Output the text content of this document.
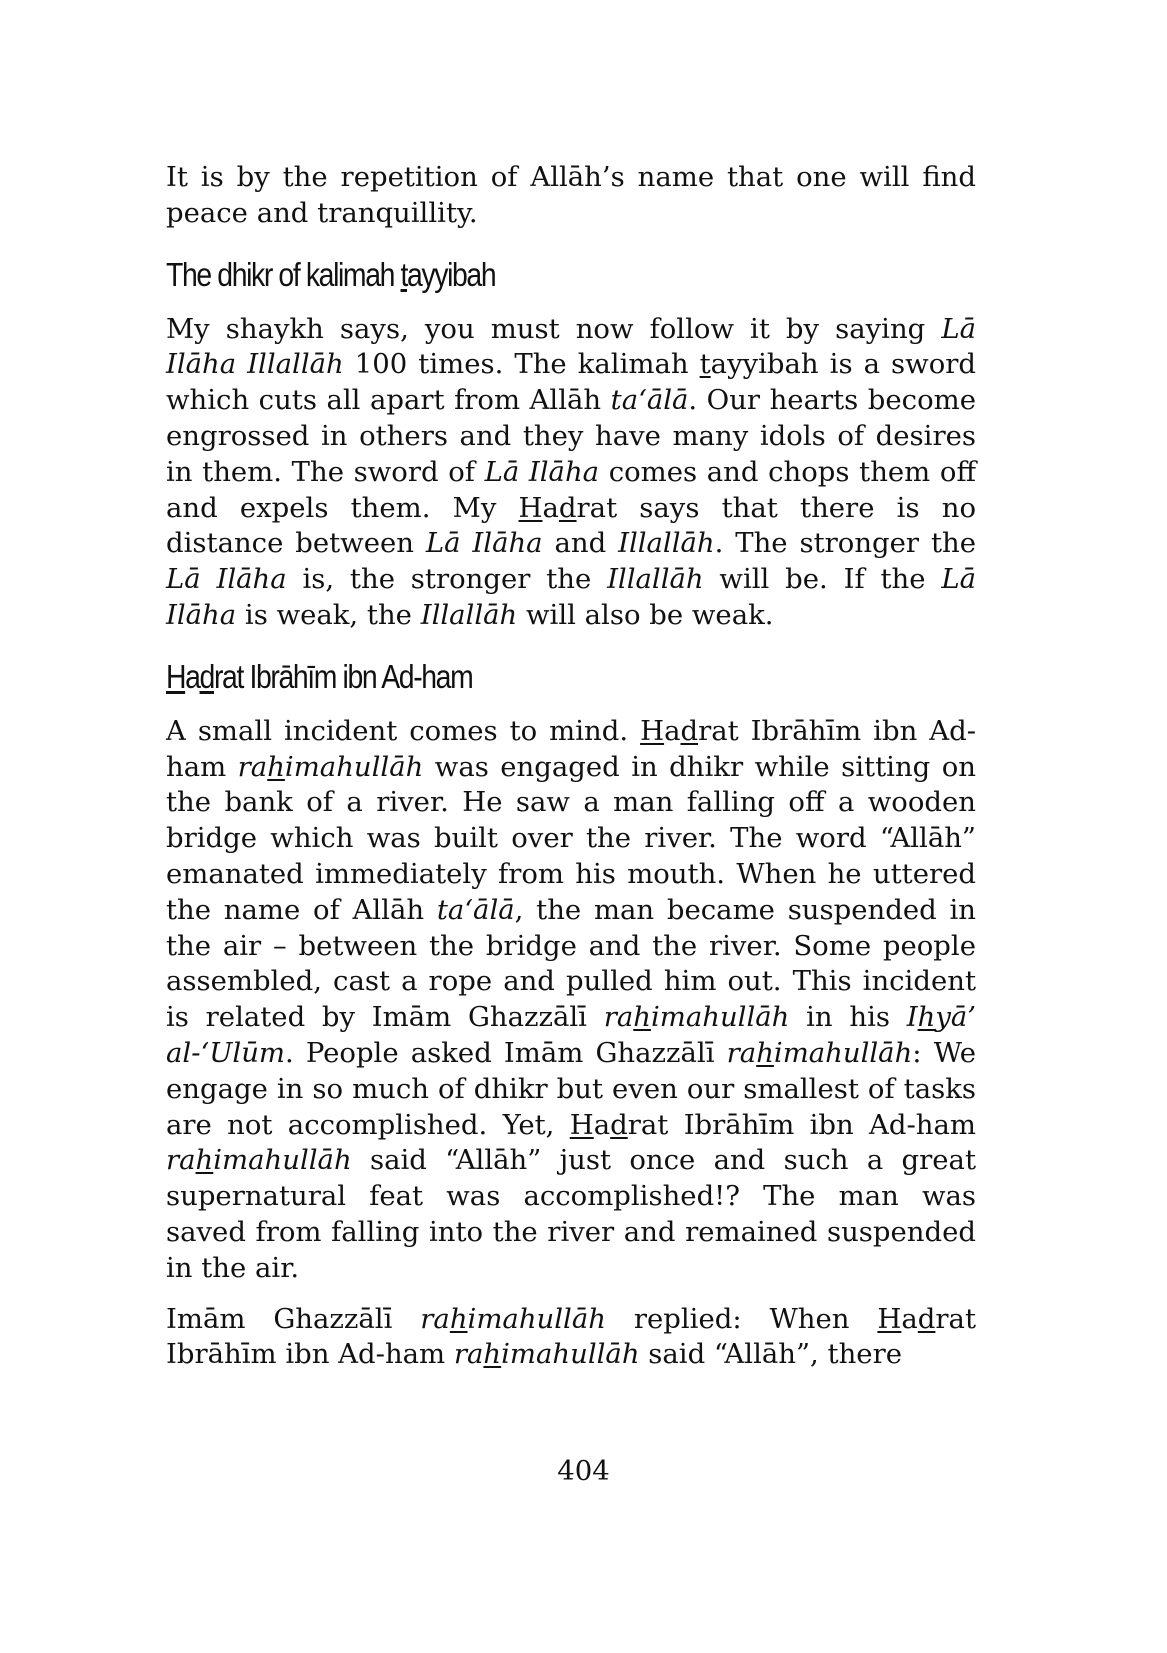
It is by the repetition of Allāh’s name that one will find peace and tranquillity.

The dhikr of kalimah tayyibah

My shaykh says, you must now follow it by saying Lā Ilāha Illallāh 100 times. The kalimah tayyibah is a sword which cuts all apart from Allāh ta‘ālā. Our hearts become engrossed in others and they have many idols of desires in them. The sword of Lā Ilāha comes and chops them off and expels them. My Hadrat says that there is no distance between Lā Ilāha and Illallāh. The stronger the Lā Ilāha is, the stronger the Illallāh will be. If the Lā Ilāha is weak, the Illallāh will also be weak.

Hadrat Ibrāhīm ibn Ad-ham

A small incident comes to mind. Hadrat Ibrāhīm ibn Ad-ham rahimahullāh was engaged in dhikr while sitting on the bank of a river. He saw a man falling off a wooden bridge which was built over the river. The word “Allāh” emanated immediately from his mouth. When he uttered the name of Allāh ta‘ālā, the man became suspended in the air – between the bridge and the river. Some people assembled, cast a rope and pulled him out. This incident is related by Imām Ghazzālī rahimahullāh in his Ihyā’ al-‘Ulūm. People asked Imām Ghazzālī rahimahullāh: We engage in so much of dhikr but even our smallest of tasks are not accomplished. Yet, Hadrat Ibrāhīm ibn Ad-ham rahimahullāh said “Allāh” just once and such a great supernatural feat was accomplished!? The man was saved from falling into the river and remained suspended in the air.

Imām Ghazzālī rahimahullāh replied: When Hadrat Ibrāhīm ibn Ad-ham rahimahullāh said “Allāh”, there

404
